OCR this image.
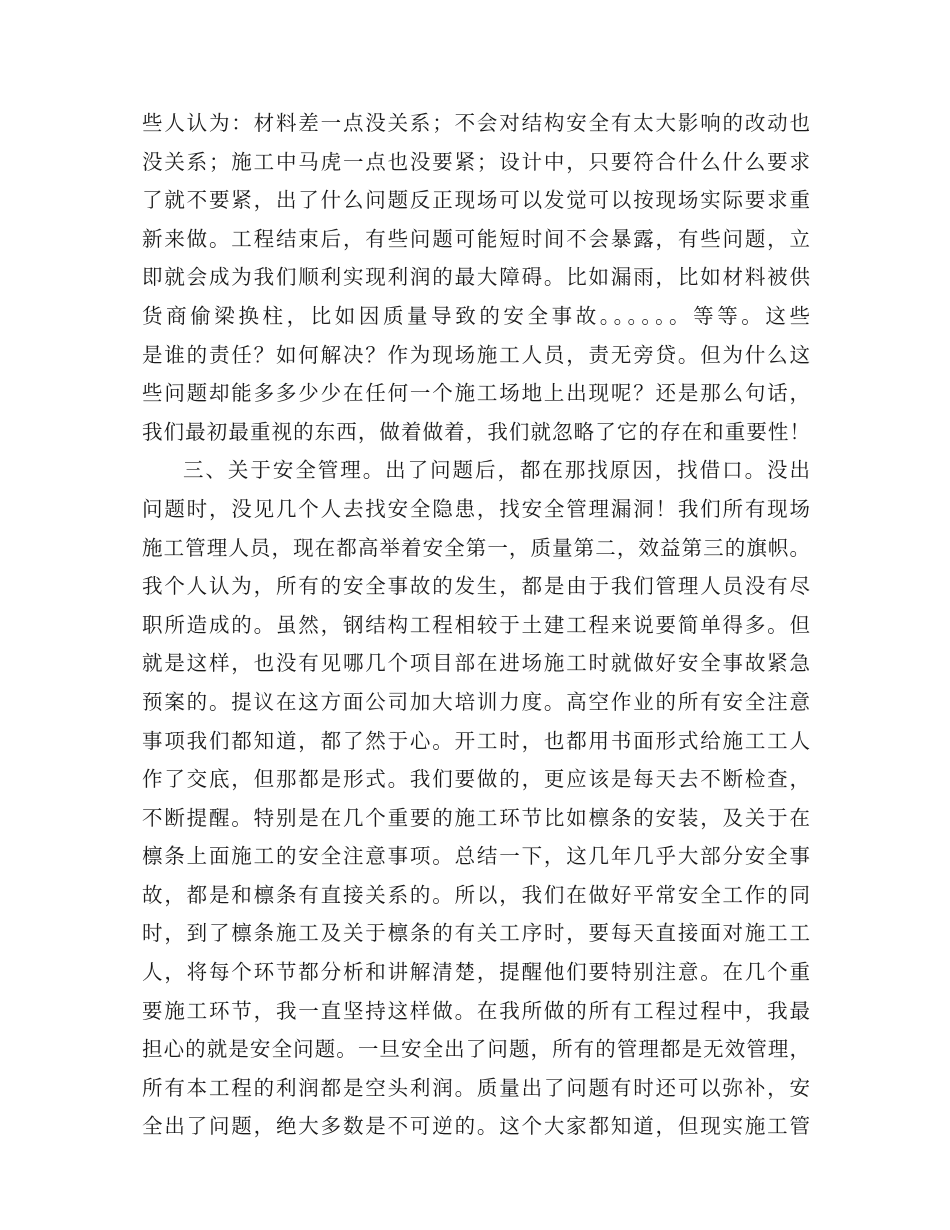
些人认为：材料差一点没关系；不会对结构安全有太大影响的改动也
没关系；施工中马虎一点也没要紧；设计中，只要符合什么什么要求
了就不要紧，出了什么问题反正现场可以发觉可以按现场实际要求重
新来做。工程结束后，有些问题可能短时间不会暴露，有些问题，立
即就会成为我们顺利实现利润的最大障碍。比如漏雨，比如材料被供
货商偷梁换柱，比如因质量导致的安全事故。。。。。。等等。这些
是谁的责任？如何解决？作为现场施工人员，责无旁贷。但为什么这
些问题却能多多少少在任何一个施工场地上出现呢？还是那么句话，
我们最初最重视的东西，做着做着，我们就忽略了它的存在和重要性！
三、关于安全管理。出了问题后，都在那找原因，找借口。没出
问题时，没见几个人去找安全隐患，找安全管理漏洞！我们所有现场
施工管理人员，现在都高举着安全第一，质量第二，效益第三的旗帜。
我个人认为，所有的安全事故的发生，都是由于我们管理人员没有尽
职所造成的。虽然，钢结构工程相较于土建工程来说要简单得多。但
就是这样，也没有见哪几个项目部在进场施工时就做好安全事故紧急
预案的。提议在这方面公司加大培训力度。高空作业的所有安全注意
事项我们都知道，都了然于心。开工时，也都用书面形式给施工工人
作了交底，但那都是形式。我们要做的，更应该是每天去不断检查，
不断提醒。特别是在几个重要的施工环节比如檩条的安装，及关于在
檩条上面施工的安全注意事项。总结一下，这几年几乎大部分安全事
故，都是和檩条有直接关系的。所以，我们在做好平常安全工作的同
时，到了檩条施工及关于檩条的有关工序时，要每天直接面对施工工
人，将每个环节都分析和讲解清楚，提醒他们要特别注意。在几个重
要施工环节，我一直坚持这样做。在我所做的所有工程过程中，我最
担心的就是安全问题。一旦安全出了问题，所有的管理都是无效管理，
所有本工程的利润都是空头利润。质量出了问题有时还可以弥补，安
全出了问题，绝大多数是不可逆的。这个大家都知道，但现实施工管
